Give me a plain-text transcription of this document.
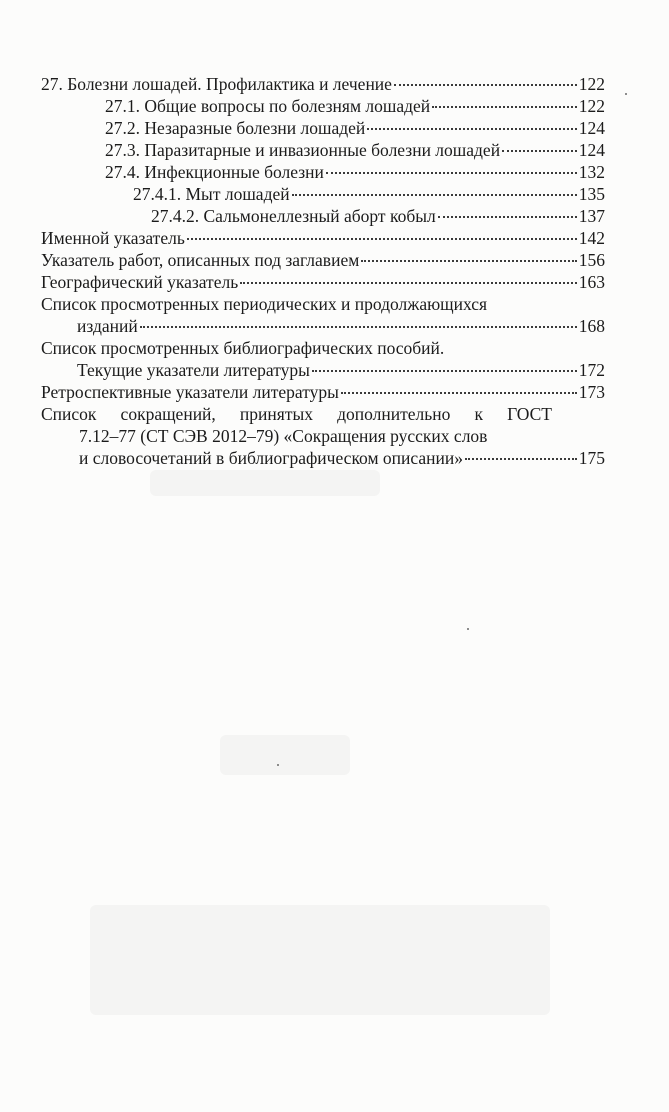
27. Болезни лошадей. Профилактика и лечение	122
27.1. Общие вопросы по болезням лошадей	122
27.2. Незаразные болезни лошадей	124
27.3. Паразитарные и инвазионные болезни лошадей	124
27.4. Инфекционные болезни	132
27.4.1. Мыт лошадей	135
27.4.2. Сальмонеллезный аборт кобыл	137
Именной указатель	142
Указатель работ, описанных под заглавием	156
Географический указатель	163
Список просмотренных периодических и продолжающихся
изданий	168
Список просмотренных библиографических пособий.
Текущие указатели литературы	172
Ретроспективные указатели литературы	173
Список сокращений, принятых дополнительно к ГОСТ
7.12–77 (СТ СЭВ 2012–79) «Сокращения русских слов
и словосочетаний в библиографическом описании»	175
